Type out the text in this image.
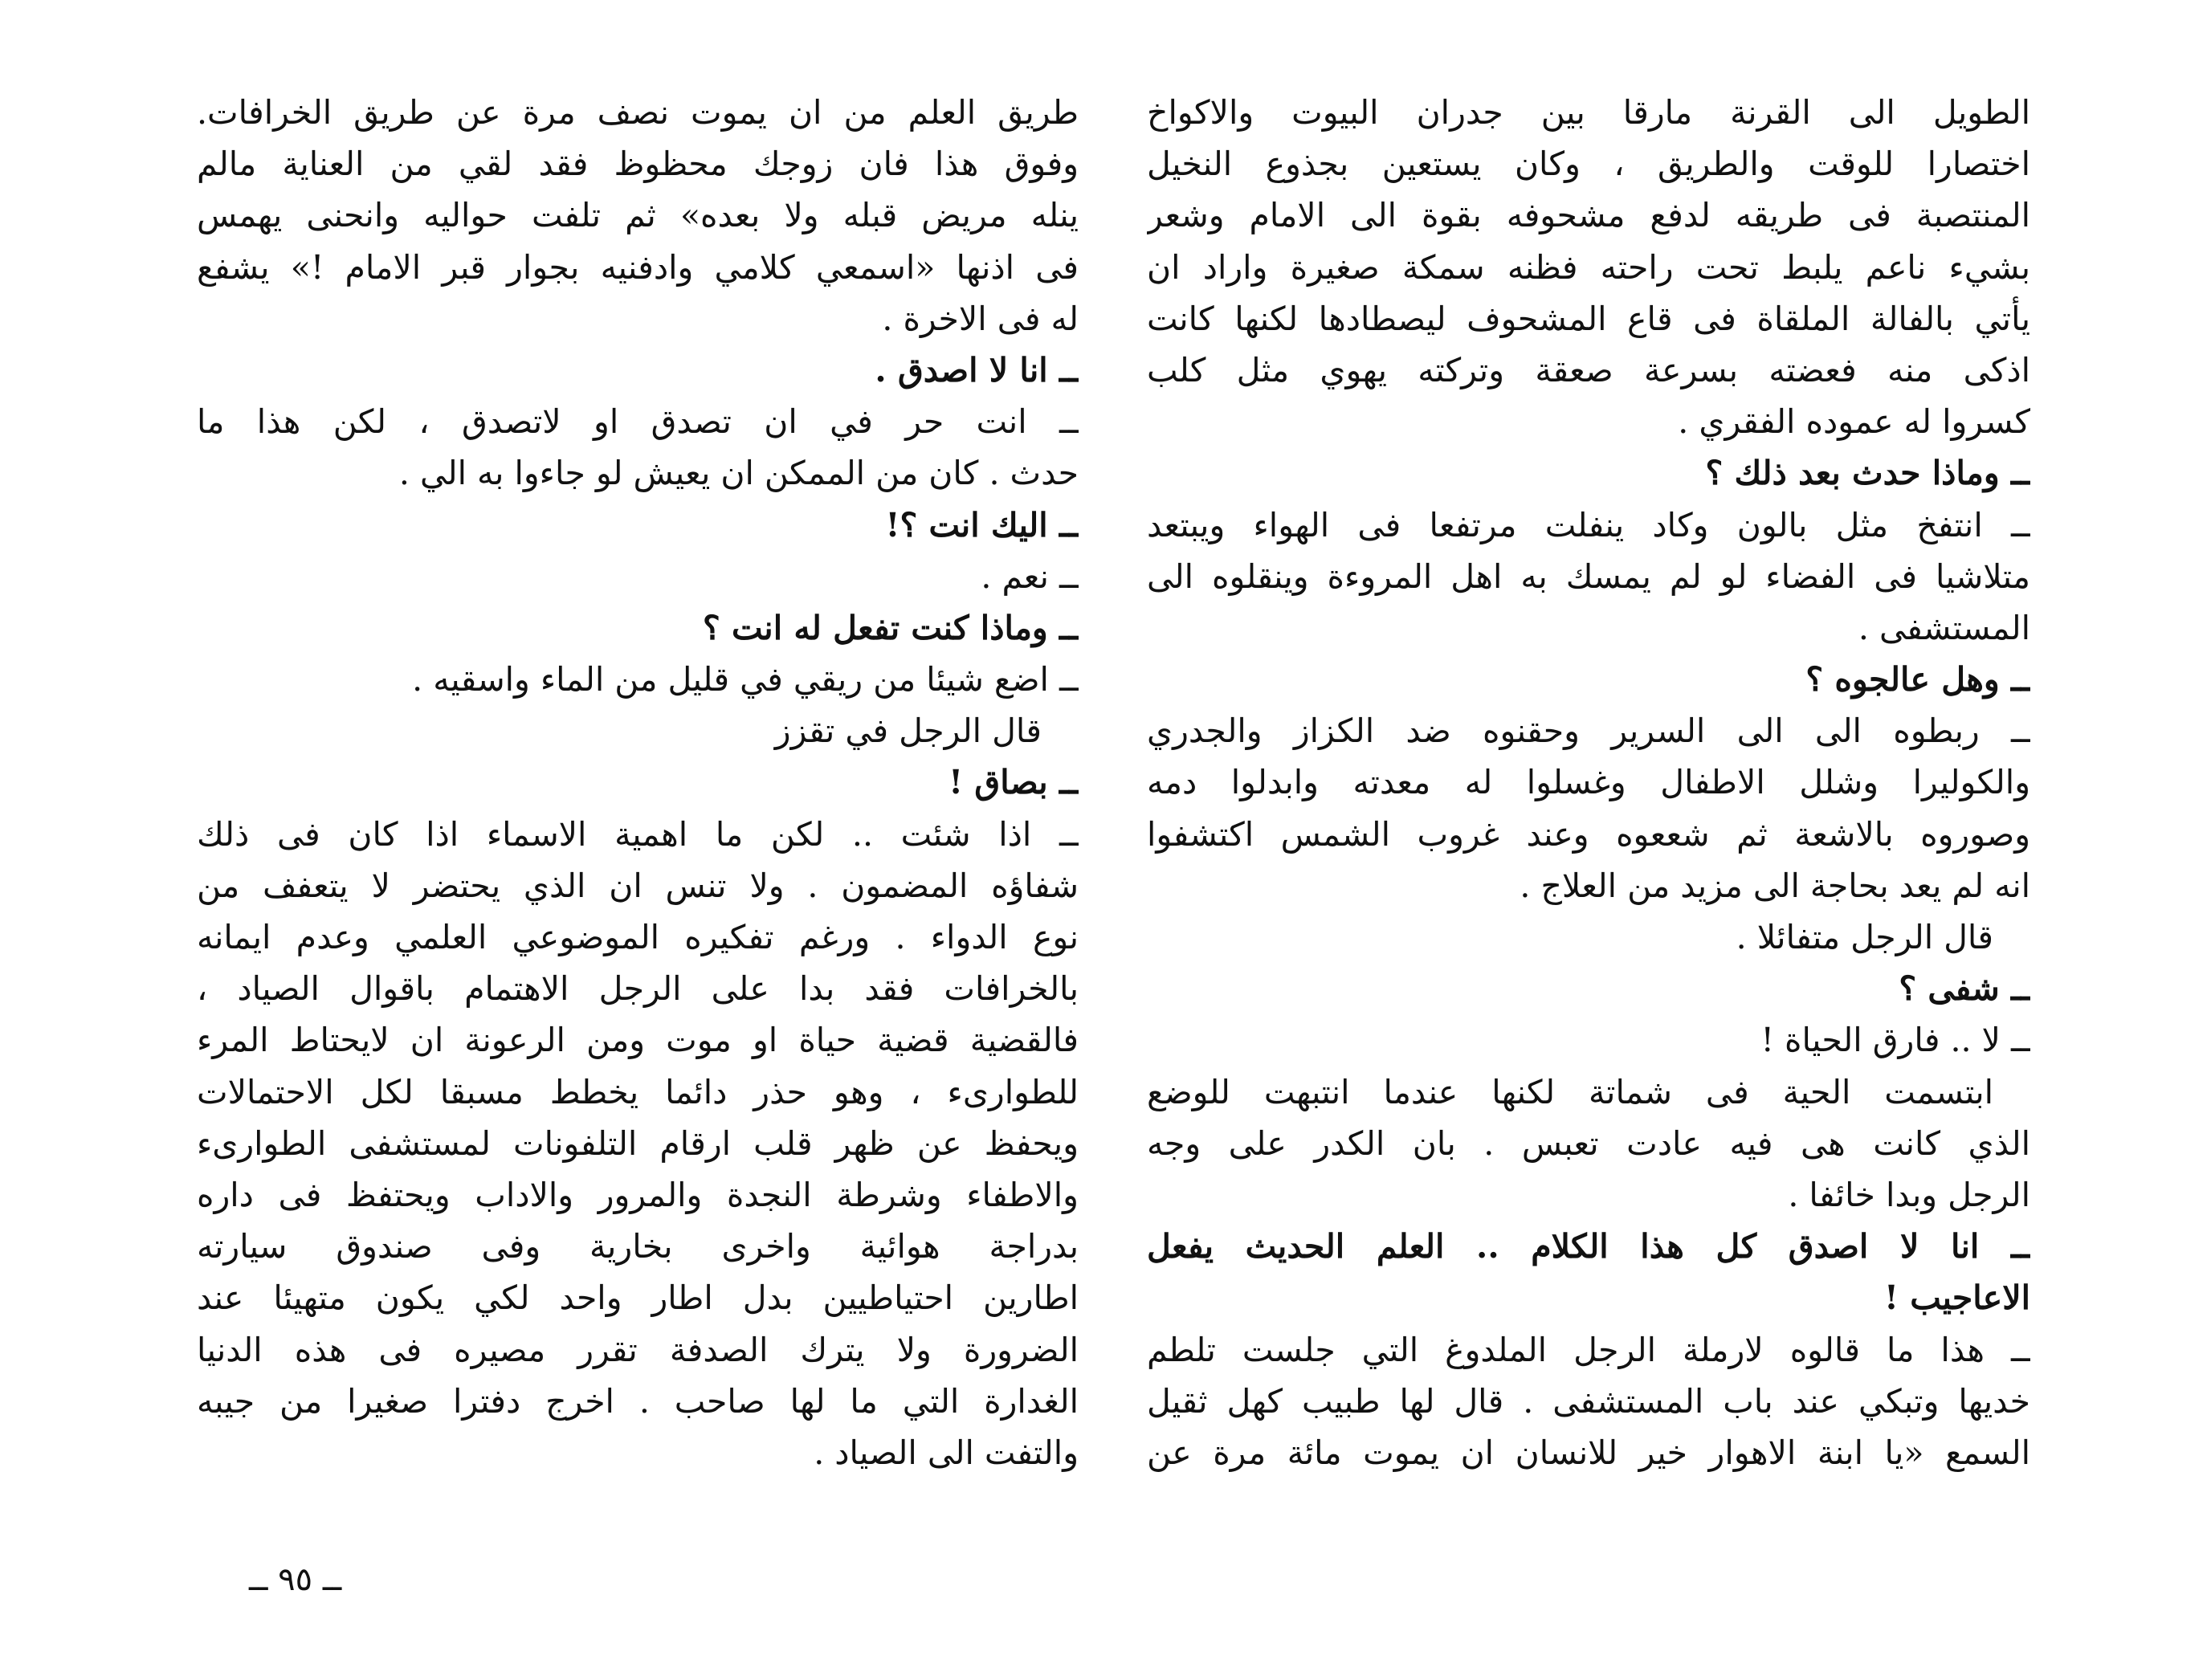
الطويل الى القرنة مارقا بين جدران البيوت والاكواخ
اختصارا للوقت والطريق ، وكان يستعين بجذوع النخيل
المنتصبة فى طريقه لدفع مشحوفه بقوة الى الامام وشعر
بشيء ناعم يلبط تحت راحته فظنه سمكة صغيرة واراد ان
يأتي بالفالة الملقاة فى قاع المشحوف ليصطادها لكنها كانت
اذكى منه فعضته بسرعة صعقة وتركته يهوي مثل كلب
كسروا له عموده الفقري .
ــ وماذا حدث بعد ذلك ؟
ــ انتفخ مثل بالون وكاد ينفلت مرتفعا فى الهواء ويبتعد
متلاشيا فى الفضاء لو لم يمسك به اهل المروءة وينقلوه الى
المستشفى .
ــ وهل عالجوه ؟
ــ ربطوه الى الى السرير وحقنوه ضد الكزاز والجدري
والكوليرا وشلل الاطفال وغسلوا له معدته وابدلوا دمه
وصوروه بالاشعة ثم شععوه وعند غروب الشمس اكتشفوا
انه لم يعد بحاجة الى مزيد من العلاج .
قال الرجل متفائلا .
ــ شفى ؟
ــ لا .. فارق الحياة !
ابتسمت الحية فى شماتة لكنها عندما انتبهت للوضع
الذي كانت هى فيه عادت تعبس . بان الكدر على وجه
الرجل وبدا خائفا .
ــ انا لا اصدق كل هذا الكلام .. العلم الحديث يفعل
الاعاجيب !
ــ هذا ما قالوه لارملة الرجل الملدوغ التي جلست تلطم
خديها وتبكي عند باب المستشفى . قال لها طبيب كهل ثقيل
السمع «يا ابنة الاهوار خير للانسان ان يموت مائة مرة عن
طريق العلم من ان يموت نصف مرة عن طريق الخرافات.
وفوق هذا فان زوجك محظوظ فقد لقي من العناية مالم
ينله مريض قبله ولا بعده» ثم تلفت حواليه وانحنى يهمس
فى اذنها «اسمعي كلامي وادفنيه بجوار قبر الامام !» يشفع
له فى الاخرة .
ــ انا لا اصدق .
ــ انت حر في ان تصدق او لاتصدق ، لكن هذا ما
حدث . كان من الممكن ان يعيش لو جاءوا به الي .
ــ اليك انت ؟!
ــ نعم .
ــ وماذا كنت تفعل له انت ؟
ــ اضع شيئا من ريقي في قليل من الماء واسقيه .
قال الرجل في تقزز
ــ بصاق !
ــ اذا شئت .. لكن ما اهمية الاسماء اذا كان فى ذلك
شفاؤه المضمون . ولا تنس ان الذي يحتضر لا يتعفف من
نوع الدواء . ورغم تفكيره الموضوعي العلمي وعدم ايمانه
بالخرافات فقد بدا على الرجل الاهتمام باقوال الصياد ،
فالقضية قضية حياة او موت ومن الرعونة ان لايحتاط المرء
للطوارىء ، وهو حذر دائما يخطط مسبقا لكل الاحتمالات
ويحفظ عن ظهر قلب ارقام التلفونات لمستشفى الطوارىء
والاطفاء وشرطة النجدة والمرور والاداب ويحتفظ فى داره
بدراجة هوائية واخرى بخارية وفى صندوق سيارته
اطارين احتياطيين بدل اطار واحد لكي يكون متهيئا عند
الضرورة ولا يترك الصدفة تقرر مصيره فى هذه الدنيا
الغدارة التي ما لها صاحب . اخرج دفترا صغيرا من جيبه
والتفت الى الصياد .
ــ ٩٥ ــ
